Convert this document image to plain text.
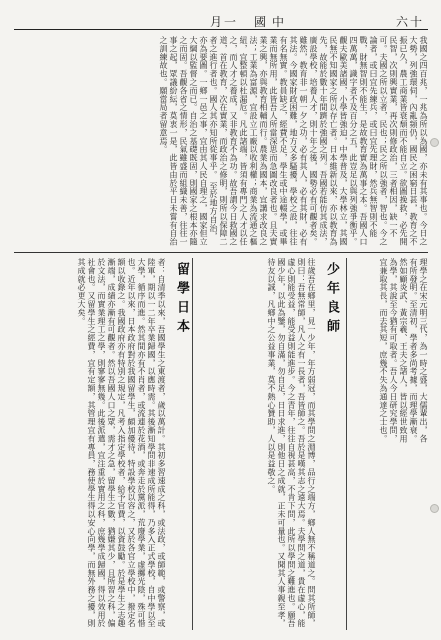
月一 國中	六十
我國之四百兆，一兆為所以為國，亦未有其事也。今日之大勢，列強環伺，內亂頻仍，國民之困窮日甚，教育之不振已久，農工商業皆衰頹而不能自立。欲圖挽救，必先開民智，次則興實業，再次則修政治，三者相因，缺一不可。夫國之所以立者，民也；民之所以強者，智也。今之論者，或曰宜先練兵，或曰宜先理財，然兵無智則不能戰，財無智則不能生，是故教育實為萬事之本。吾國人口四萬萬，識字者不及百分之五，此豈足以與列強爭衡乎。觀夫歐美諸國，小學皆強迫，中學普及，大學林立，其國民無不知國家之所以存亡者。日本維新以來，亦以教育為先，故能於數十年間躋於強國之列。吾國若能仿其成法，廣設學校，培養人才，則十年之後，國勢必有可觀者矣。雖然，教育非一朝一夕之功，必有其人，必有其財，必有其法。今國家財政困難，地方又多騷擾，學校之設，往往有名無實。教員缺乏，經費不足，學生或中途輟學，或畢業而無所用，此皆吾人所當深思而急圖改良者也。且夫實業之興，亦與教育相輔而行。農業為國本，宜講求改良之法；工業為富源，宜設立工廠以收利權；商業為流通之樞紐，宜整頓以杜漏卮。凡此諸端，皆須有專門之人才以任之，而人才之養成，又非教育不為功。故吾謂今日救國之道，首在教育，次在實業，而政治之修明，則所以保障二者之進行者也。國人其亦知所從事乎。 至於地方自治，亦為要圖。一鄉一邑之事，宜由其人民自理之，國家但立大綱以監督之而已。自治之基礎既固，則國家之根本亦隨之而固。吾觀各省之情形，民氣雖盛而組織未善，往往一事之起，眾議紛紜，莫衷一是，此皆由於平日未嘗有自治之訓練故也。願當局者留意焉。
理學之在宋元明三代，為一時之盛，大儒輩出，各有所發明。至清初，學者多尚考據，而理學漸衰。然如顧炎武、黃宗羲、王夫之諸人，皆以經世致用為學，其說至今猶有可取者。吾人今日研究學問，宜兼取其長，而去其短，庶幾不失為通達之士也。
少年良師
往歲吾在鄉里，見一少年，年方弱冠，而其學問之淵博，品行之端方，鄉人無不稱道之。問其所師，則曰：吾無常師，凡人之有一長者，吾皆師之。吾於是嘆其志之遠大焉。夫學問之道，貴在虛心，能虛心則能受益，能受益則能進步。今之青年，往往自視甚高，不肯下問，此所以學問之難進也。願吾國少年，以此為鑒，勿自滿，勿自足，日日求進，則他日之成就，正未可量也。又聞其人事親至孝，待友以誠，凡鄉中之公益事業，莫不熱心贊助，人以是益敬之。
留學日本
者：自清季以來，吾國學生之東渡者，歲以萬計。其初多習速成之科，或法政，或師範，或警察，或陸軍，期以一二年卒業歸國，以應時需。其後漸知學問非速成所能得，乃多入正式學校，自中學以至大學，循序而進。然其間亦有不肖者，或流連於花酒，或奔走於黨派，荒廢學業，虛擲光陰，殊可惜也。近年以來，日本政府對於我國留學生，頗加優待，特設學校以容之，又於各官立學校中，撥定名額以收錄之。我國政府亦有特別之規定，凡考入指定學校者，給予官費，以資鼓勵。於是學生之志趣漸端，成績亦漸有可觀者。然以吾國人口之眾，需才之急，留學生之數，猶嫌其少，且所習之科，偏於文法，而實業理工之學，則寥寥無幾。此後派遣，宜注重於實用之科，庶幾學成歸國，得以效用於社會也。又留學生之經費，宜有定額，其管理宜有專員，務使學生得以安心向學，而無外務之擾，則其成就必更大矣。
